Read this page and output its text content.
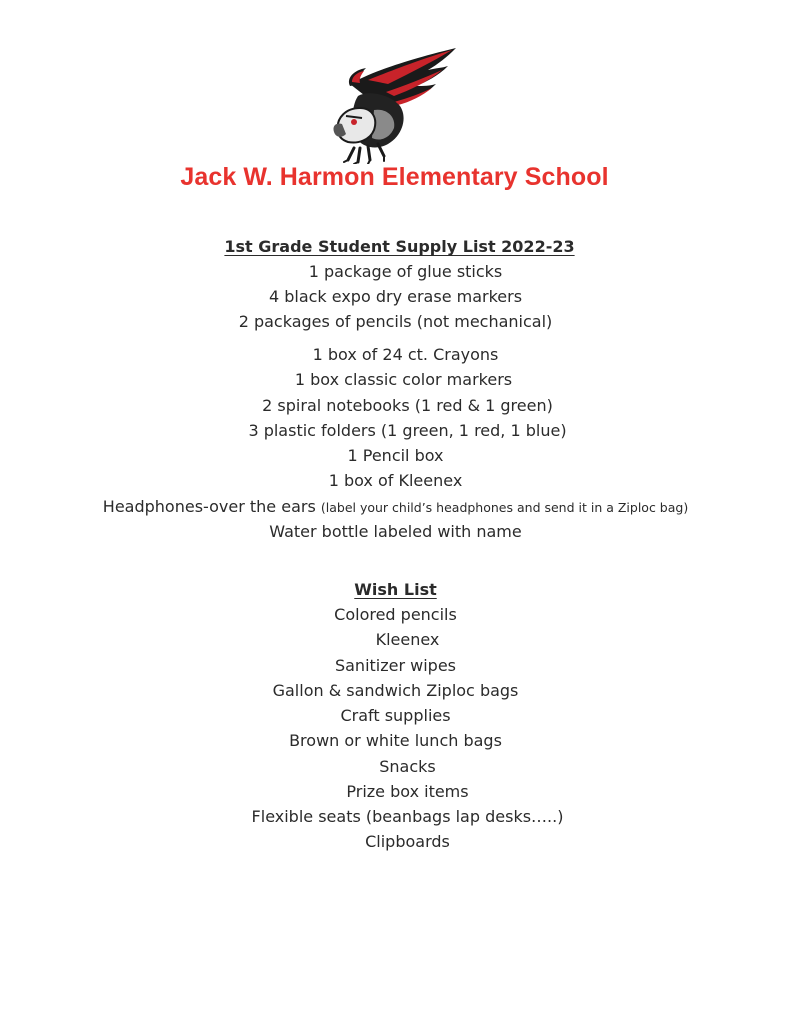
Jack W. Harmon Elementary School
1st Grade Student Supply List 2022-23
1 package of glue sticks
4 black expo dry erase markers
2 packages of pencils (not mechanical)
1 box of 24 ct. Crayons
1 box classic color markers
2 spiral notebooks (1 red & 1 green)
3 plastic folders (1 green, 1 red, 1 blue)
1 Pencil box
1 box of Kleenex
Headphones-over the ears (label your child’s headphones and send it in a Ziploc bag)
Water bottle labeled with name
Wish List
Colored pencils
Kleenex
Sanitizer wipes
Gallon & sandwich Ziploc bags
Craft supplies
Brown or white lunch bags
Snacks
Prize box items
Flexible seats (beanbags lap desks…..)
Clipboards
